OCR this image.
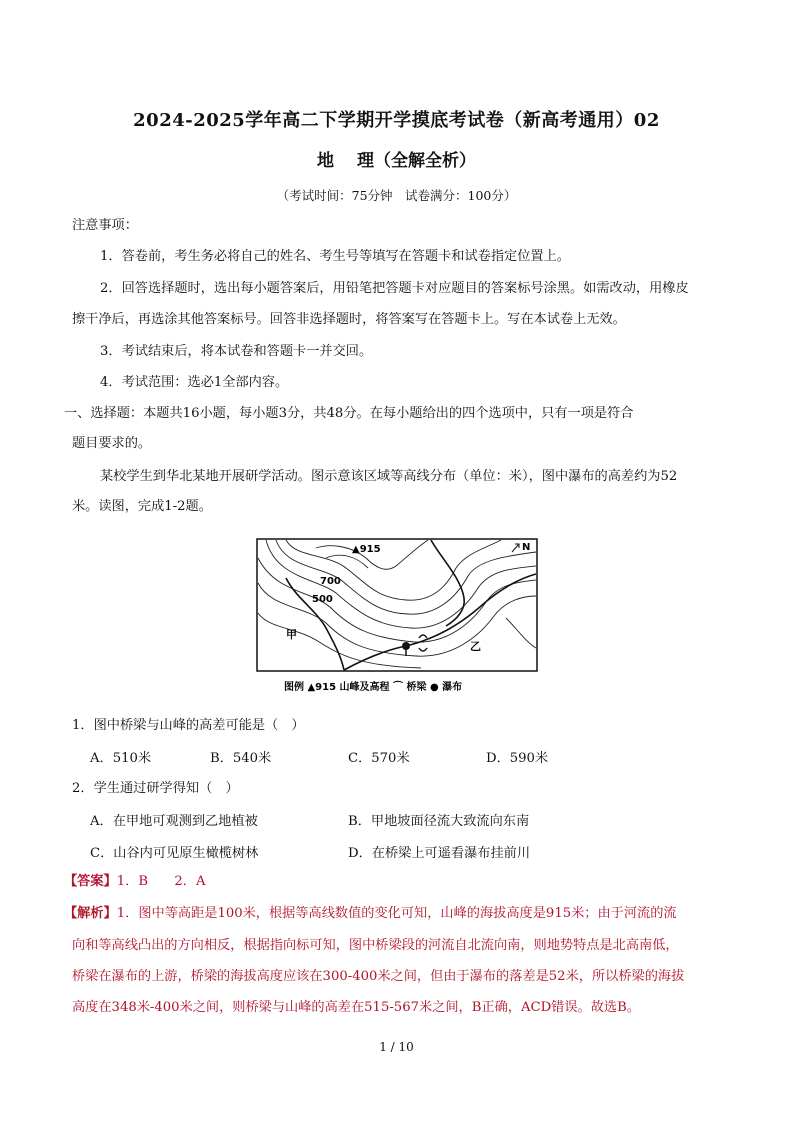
2024-2025学年高二下学期开学摸底考试卷（新高考通用）02
地　 理（全解全析）
（考试时间：75分钟　试卷满分：100分）
注意事项：
1．答卷前，考生务必将自己的姓名、考生号等填写在答题卡和试卷指定位置上。
2．回答选择题时，选出每小题答案后，用铅笔把答题卡对应题目的答案标号涂黑。如需改动，用橡皮
擦干净后，再选涂其他答案标号。回答非选择题时，将答案写在答题卡上。写在本试卷上无效。
3．考试结束后，将本试卷和答题卡一并交回。
4．考试范围：选必1全部内容。
一、选择题：本题共16小题，每小题3分，共48分。在每小题给出的四个选项中，只有一项是符合
题目要求的。
某校学生到华北某地开展研学活动。图示意该区域等高线分布（单位：米），图中瀑布的高差约为52
米。读图，完成1-2题。
▲915
700
500
N
甲
乙
图例 ▲915 山峰及高程 ⌒ 桥梁 ● 瀑布
1．图中桥梁与山峰的高差可能是（　）
A．510米	B．540米	C．570米	D．590米
2．学生通过研学得知（　）
A．在甲地可观测到乙地植被	B．甲地坡面径流大致流向东南
C．山谷内可见原生橄榄树林	D．在桥梁上可遥看瀑布挂前川
【答案】1．B　　2．A
【解析】1．图中等高距是100米，根据等高线数值的变化可知，山峰的海拔高度是915米；由于河流的流
向和等高线凸出的方向相反，根据指向标可知，图中桥梁段的河流自北流向南，则地势特点是北高南低，
桥梁在瀑布的上游，桥梁的海拔高度应该在300-400米之间，但由于瀑布的落差是52米，所以桥梁的海拔
高度在348米-400米之间，则桥梁与山峰的高差在515-567米之间，B正确，ACD错误。故选B。
1 / 10
